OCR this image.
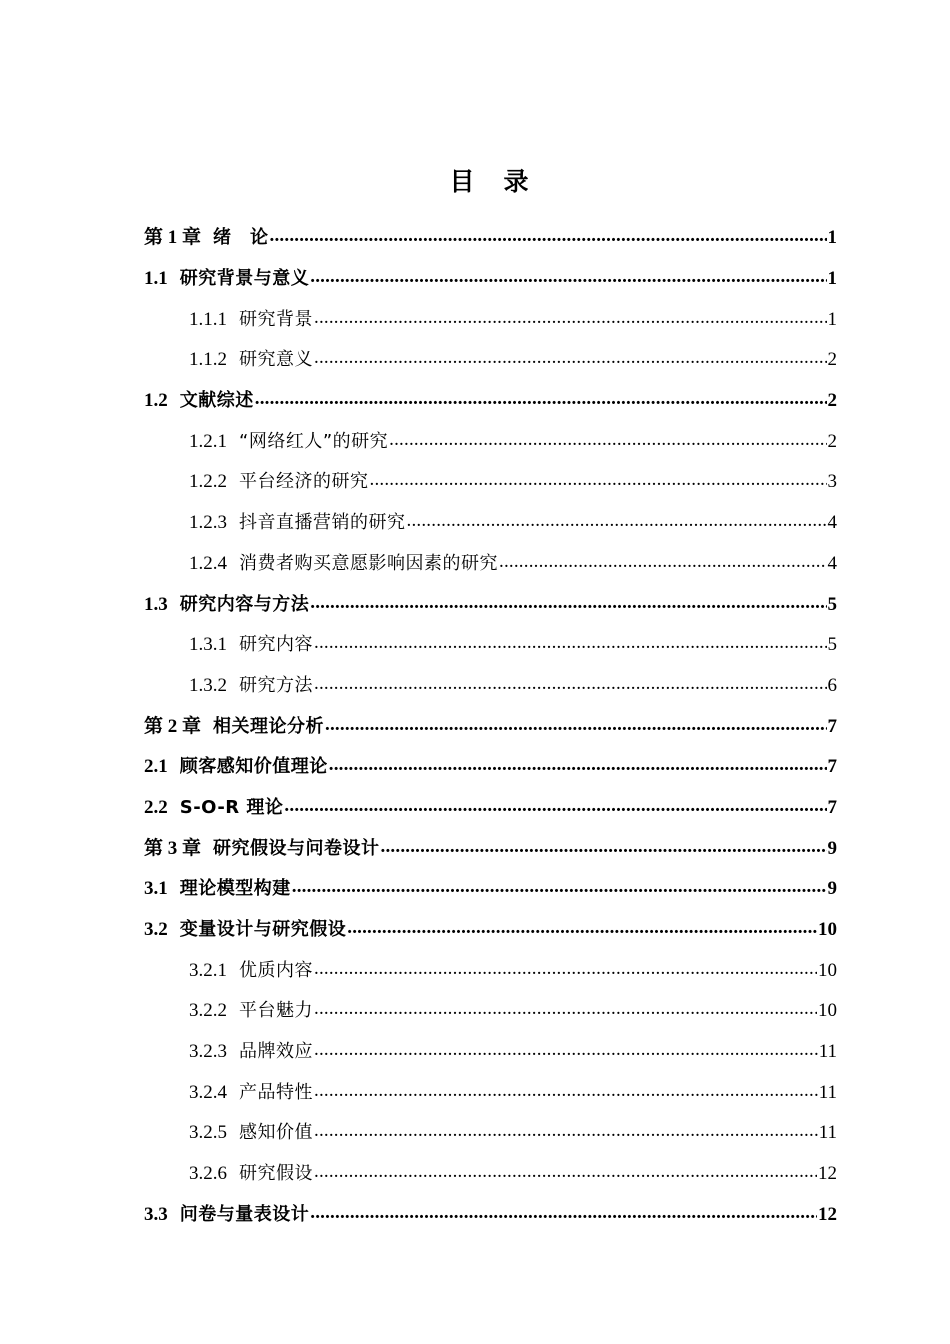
目　录
第 1 章 绪　论 .....	1
1.1 研究背景与意义 .....	1
1.1.1 研究背景 .....	1
1.1.2 研究意义 .....	2
1.2 文献综述 .....	2
1.2.1 “网络红人”的研究 .....	2
1.2.2 平台经济的研究 .....	3
1.2.3 抖音直播营销的研究 .....	4
1.2.4 消费者购买意愿影响因素的研究 .....	4
1.3 研究内容与方法 .....	5
1.3.1 研究内容 .....	5
1.3.2 研究方法 .....	6
第 2 章 相关理论分析 .....	7
2.1 顾客感知价值理论 .....	7
2.2 S-O-R 理论 .....	7
第 3 章 研究假设与问卷设计 .....	9
3.1 理论模型构建 .....	9
3.2 变量设计与研究假设 .....	10
3.2.1 优质内容 .....	10
3.2.2 平台魅力 .....	10
3.2.3 品牌效应 .....	11
3.2.4 产品特性 .....	11
3.2.5 感知价值 .....	11
3.2.6 研究假设 .....	12
3.3 问卷与量表设计 .....	12
